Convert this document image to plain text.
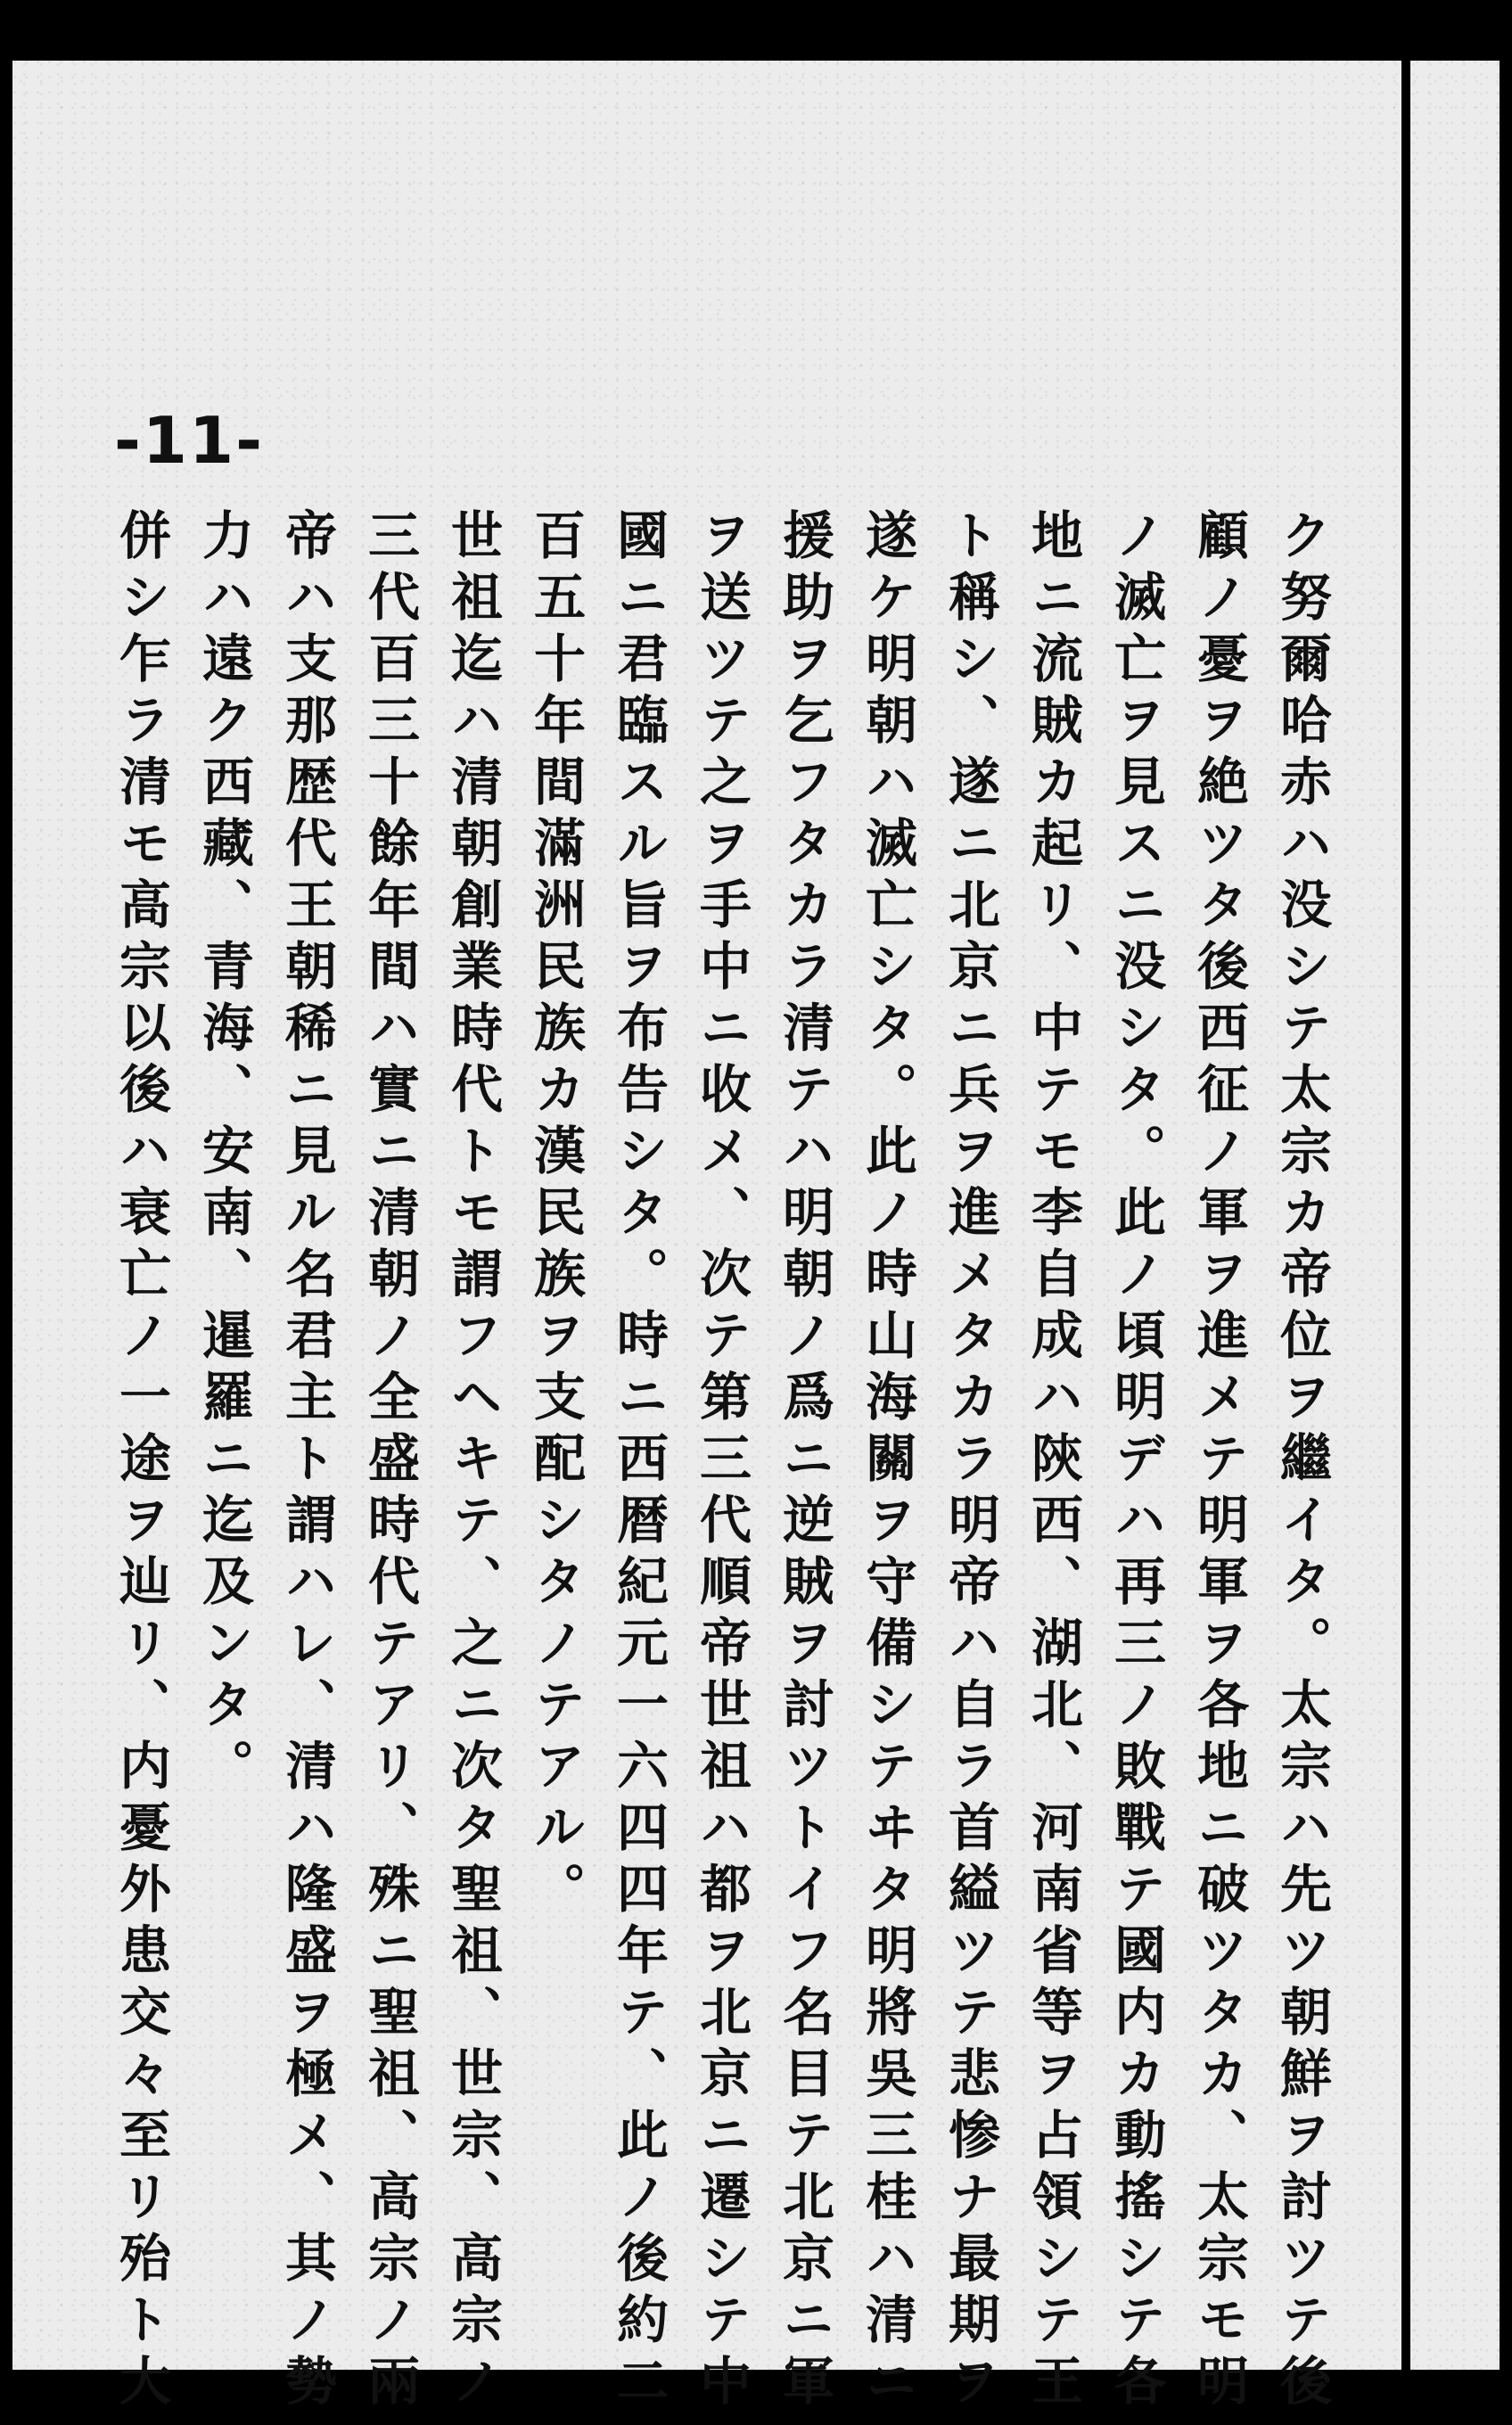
-11-
ク努爾哈赤ハ没シテ太宗カ帝位ヲ繼イタ。太宗ハ先ツ朝鮮ヲ討ツテ後
顧ノ憂ヲ絶ツタ後西征ノ軍ヲ進メテ明軍ヲ各地ニ破ツタカ、太宗モ明
ノ滅亡ヲ見スニ没シタ。此ノ頃明デハ再三ノ敗戰テ國内カ動搖シテ各
地ニ流賊カ起リ、中テモ李自成ハ陝西、湖北、河南省等ヲ占領シテ王
ト稱シ、遂ニ北京ニ兵ヲ進メタカラ明帝ハ自ラ首縊ツテ悲惨ナ最期ヲ
遂ケ明朝ハ滅亡シタ。此ノ時山海關ヲ守備シテヰタ明將吳三桂ハ清ニ
援助ヲ乞フタカラ清テハ明朝ノ爲ニ逆賊ヲ討ツトイフ名目テ北京ニ軍
ヲ送ツテ之ヲ手中ニ收メ、次テ第三代順帝世祖ハ都ヲ北京ニ遷シテ中
國ニ君臨スル旨ヲ布告シタ。時ニ西暦紀元一六四四年テ、此ノ後約二
百五十年間滿洲民族カ漢民族ヲ支配シタノテアル。
世祖迄ハ清朝創業時代トモ謂フヘキテ、之ニ次タ聖祖、世宗、高宗ノ
三代百三十餘年間ハ實ニ清朝ノ全盛時代テアリ、殊ニ聖祖、高宗ノ兩
帝ハ支那歴代王朝稀ニ見ル名君主ト謂ハレ、清ハ隆盛ヲ極メ、其ノ勢
力ハ遠ク西藏、青海、安南、暹羅ニ迄及ンタ。
併シ乍ラ清モ高宗以後ハ衰亡ノ一途ヲ辿リ、内憂外患交々至リ殆ト大
